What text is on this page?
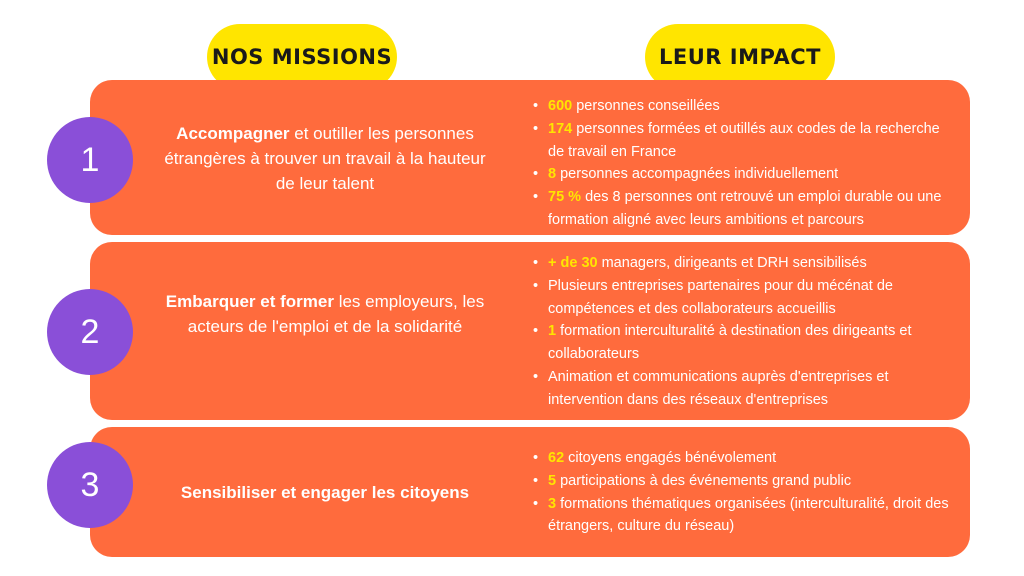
NOS MISSIONS	LEUR IMPACT
1
Accompagner et outiller les personnes étrangères à trouver un travail à la hauteur de leur talent
• 600 personnes conseillées
• 174 personnes formées et outillés aux codes de la recherche de travail en France
• 8 personnes accompagnées individuellement
• 75 % des 8 personnes ont retrouvé un emploi durable ou une formation aligné avec leurs ambitions et parcours
2
Embarquer et former les employeurs, les acteurs de l'emploi et de la solidarité
• + de 30 managers, dirigeants et DRH sensibilisés
• Plusieurs entreprises partenaires pour du mécénat de compétences et des collaborateurs accueillis
• 1 formation interculturalité à destination des dirigeants et collaborateurs
• Animation et communications auprès d'entreprises et intervention dans des réseaux d'entreprises
3	Sensibiliser et engager les citoyens
• 62 citoyens engagés bénévolement
• 5 participations à des événements grand public
• 3 formations thématiques organisées (interculturalité, droit des étrangers, culture du réseau)
